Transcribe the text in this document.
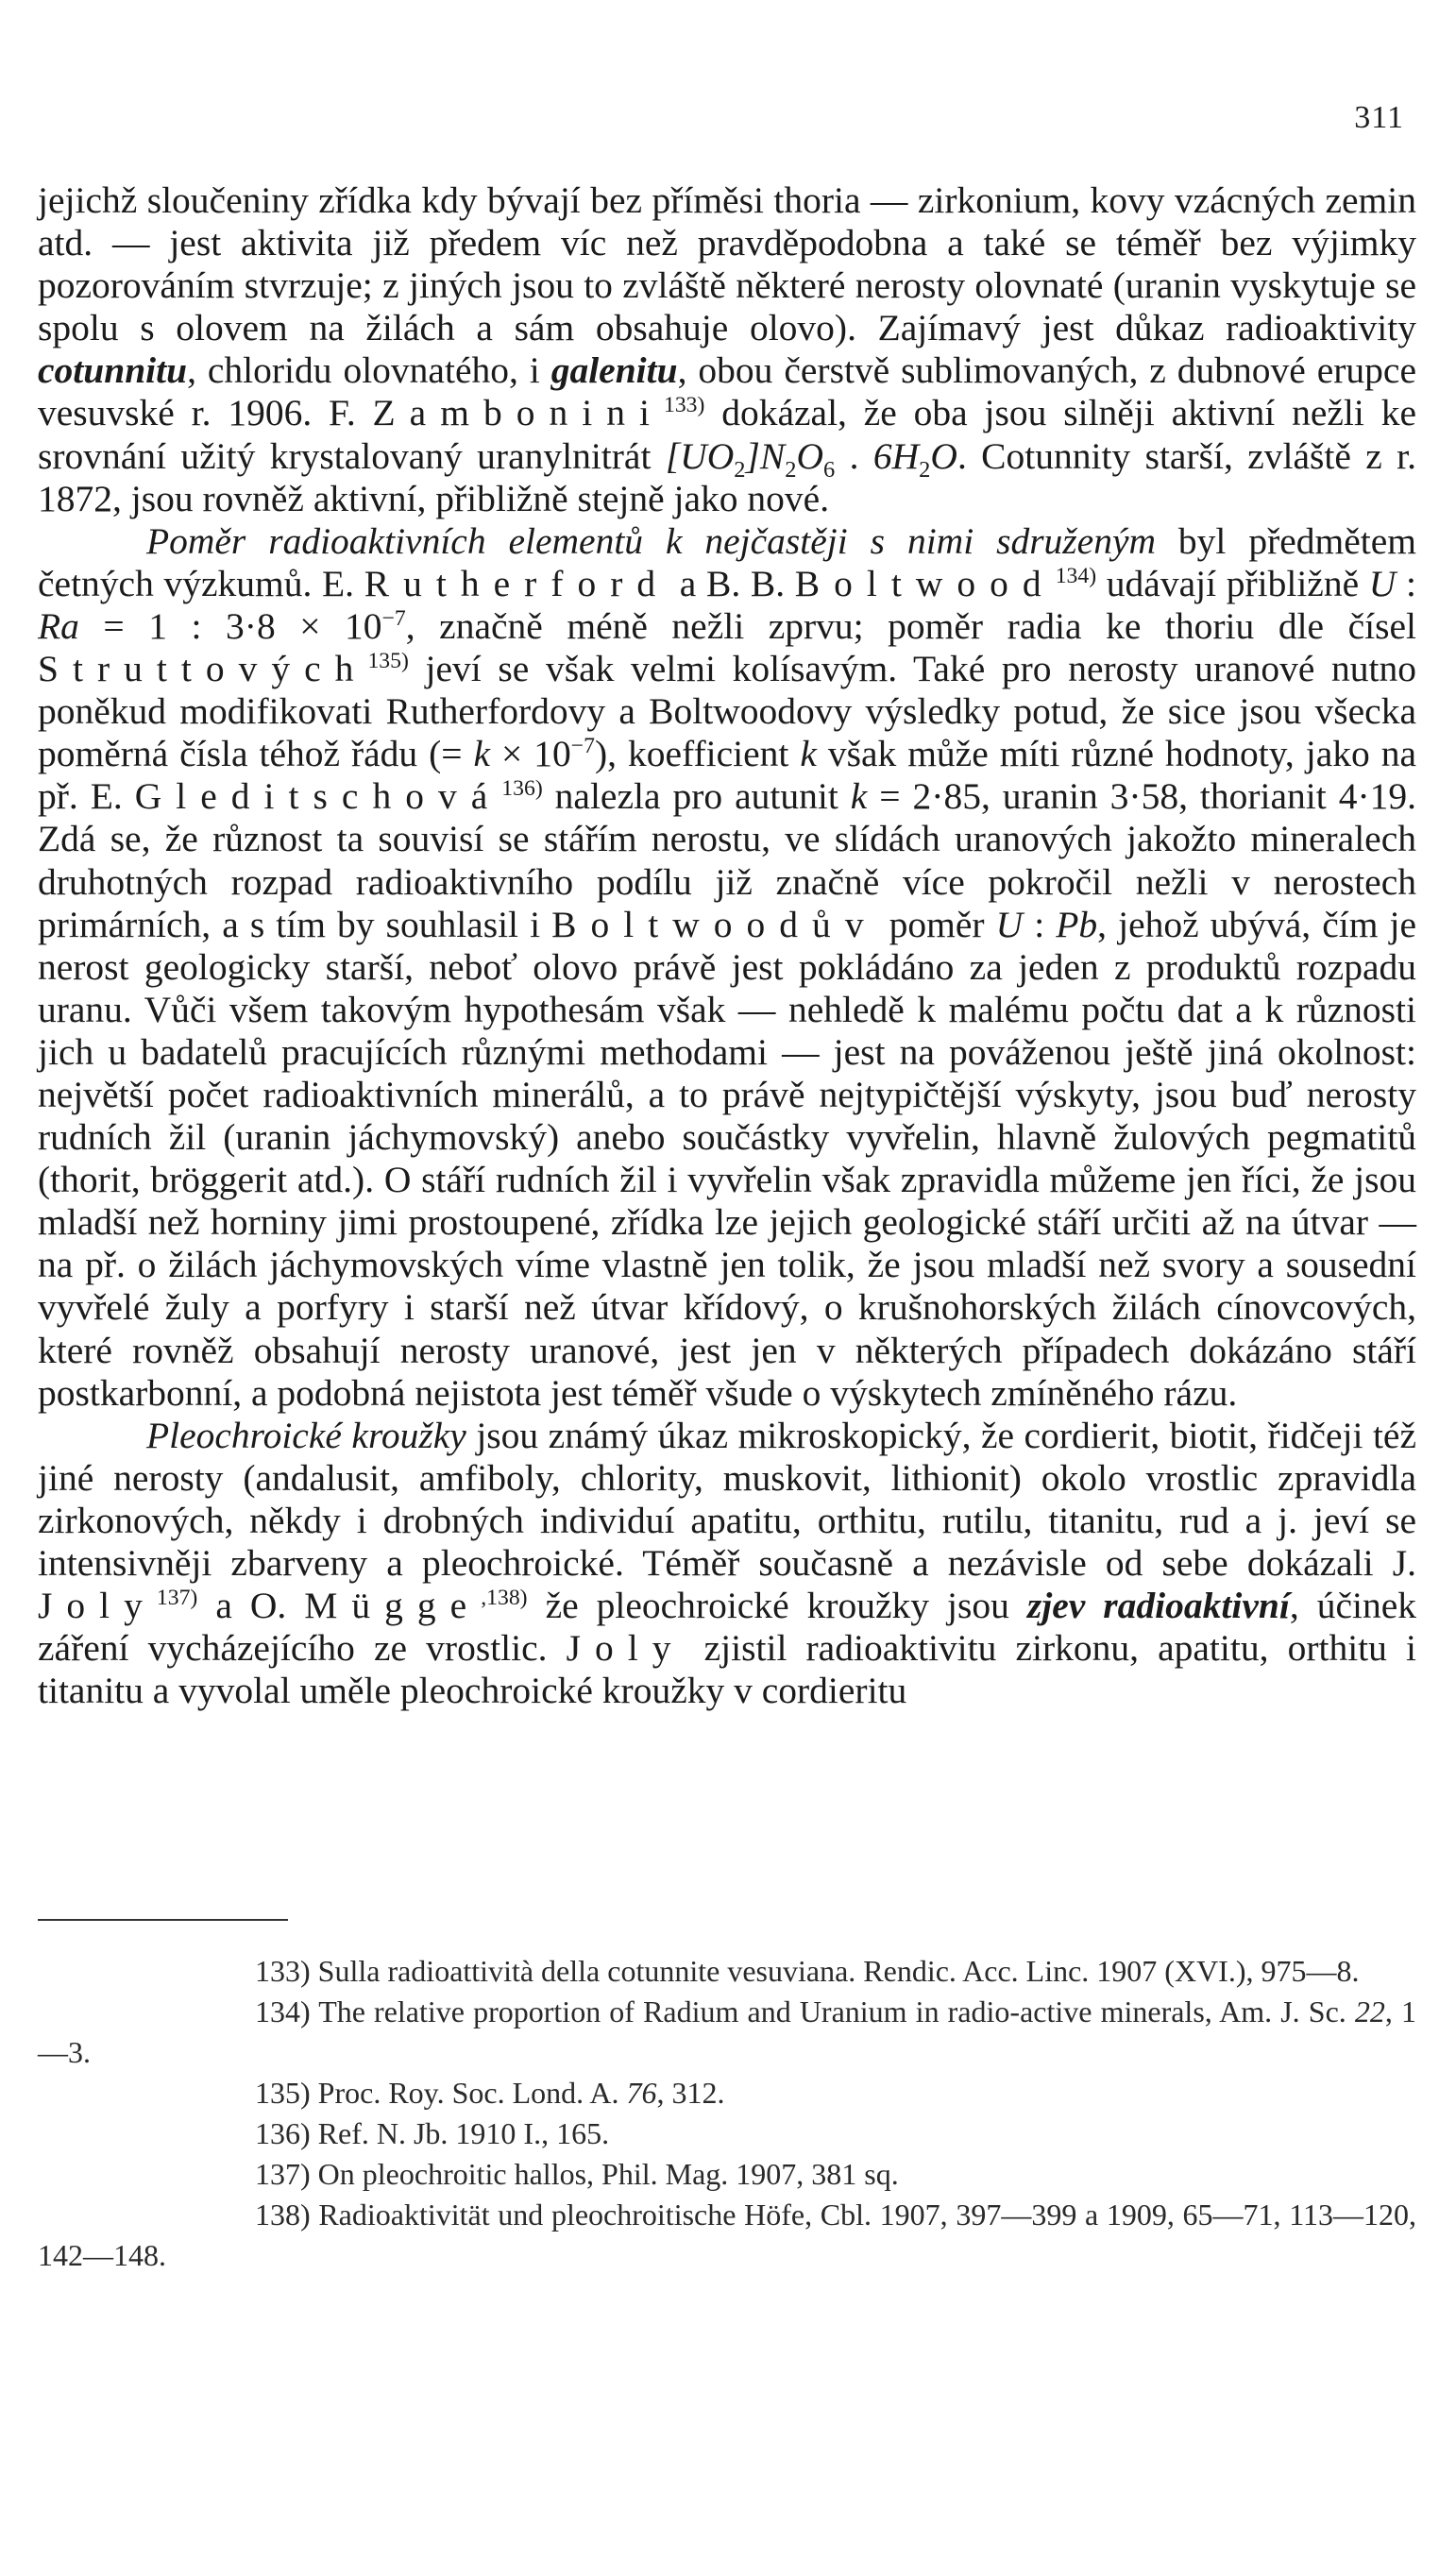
311

jejichž sloučeniny zřídka kdy bývají bez příměsi thoria — zirkonium, kovy vzácných zemin atd. — jest aktivita již předem víc než pravděpodobna a také se téměř bez výjimky pozorováním stvrzuje; z jiných jsou to zvláště některé nerosty olovnaté (uranin vyskytuje se spolu s olovem na žilách a sám obsahuje olovo). Zajímavý jest důkaz radioaktivity cotunnitu, chloridu olovnatého, i galenitu, obou čerstvě sublimovaných, z dubnové erupce vesuvské r. 1906. F. Zambonini$^{133)}$ dokázal, že oba jsou silněji aktivní nežli ke srovnání užitý krystalovaný uranylnitrát $[UO_2]N_2O_6$ . $6H_2O$. Cotunnity starší, zvláště z r. 1872, jsou rovněž aktivní, přibližně stejně jako nové.

Poměr radioaktivních elementů k nejčastěji s nimi sdruženým byl předmětem četných výzkumů. E. Rutherford a B. B. Boltwood$^{134)}$ udávají přibližně U : Ra = 1 : $3\cdot 8 \times 10^{-7}$, značně méně nežli zprvu; poměr radia ke thoriu dle čísel Struttových$^{135)}$ jeví se však velmi kolísavým. Také pro nerosty uranové nutno poněkud modifikovati Rutherfordovy a Boltwoodovy výsledky potud, že sice jsou všecka poměrná čísla téhož řádu (= $k \times 10^{-7}$), koefficient k však může míti různé hodnoty, jako na př. E. Gleditschová$^{136)}$ nalezla pro autunit k = 2·85, uranin 3·58, thorianit 4·19. Zdá se, že různost ta souvisí se stářím nerostu, ve slídách uranových jakožto mineralech druhotných rozpad radioaktivního podílu již značně více pokročil nežli v nerostech primárních, a s tím by souhlasil i Boltwoodův poměr U : Pb, jehož ubývá, čím je nerost geologicky starší, neboť olovo právě jest pokládáno za jeden z produktů rozpadu uranu. Vůči všem takovým hypothesám však — nehledě k malému počtu dat a k různosti jich u badatelů pracujících různými methodami — jest na pováženou ještě jiná okolnost: největší počet radioaktivních minerálů, a to právě nejtypičtější výskyty, jsou buď nerosty rudních žil (uranin jáchymovský) anebo součástky vyvřelin, hlavně žulových pegmatitů (thorit, bröggerit atd.). O stáří rudních žil i vyvřelin však zpravidla můžeme jen říci, že jsou mladší než horniny jimi prostoupené, zřídka lze jejich geologické stáří určiti až na útvar — na př. o žilách jáchymovských víme vlastně jen tolik, že jsou mladší než svory a sousední vyvřelé žuly a porfyry i starší než útvar křídový, o krušnohorských žilách cínovcových, které rovněž obsahují nerosty uranové, jest jen v některých případech dokázáno stáří postkarbonní, a podobná nejistota jest téměř všude o výskytech zmíněného rázu.

Pleochroické kroužky jsou známý úkaz mikroskopický, že cordierit, biotit, řidčeji též jiné nerosty (andalusit, amfiboly, chlority, muskovit, lithionit) okolo vrostlic zpravidla zirkonových, někdy i drobných individuí apatitu, orthitu, rutilu, titanitu, rud a j. jeví se intensivněji zbarveny a pleochroické. Téměř současně a nezávisle od sebe dokázali J. Joly$^{137)}$ a O. Mügge$^{,138)}$ že pleochroické kroužky jsou zjev radioaktivní, účinek záření vycházejícího ze vrostlic. Joly zjistil radioaktivitu zirkonu, apatitu, orthitu i titanitu a vyvolal uměle pleochroické kroužky v cordieritu

133) Sulla radioattività della cotunnite vesuviana. Rendic. Acc. Linc. 1907 (XVI.), 975—8.

134) The relative proportion of Radium and Uranium in radio-active minerals, Am. J. Sc. 22, 1—3.

135) Proc. Roy. Soc. Lond. A. 76, 312.

136) Ref. N. Jb. 1910 I., 165.

137) On pleochroitic hallos, Phil. Mag. 1907, 381 sq.

138) Radioaktivität und pleochroitische Höfe, Cbl. 1907, 397—399 a 1909, 65—71, 113—120, 142—148.
